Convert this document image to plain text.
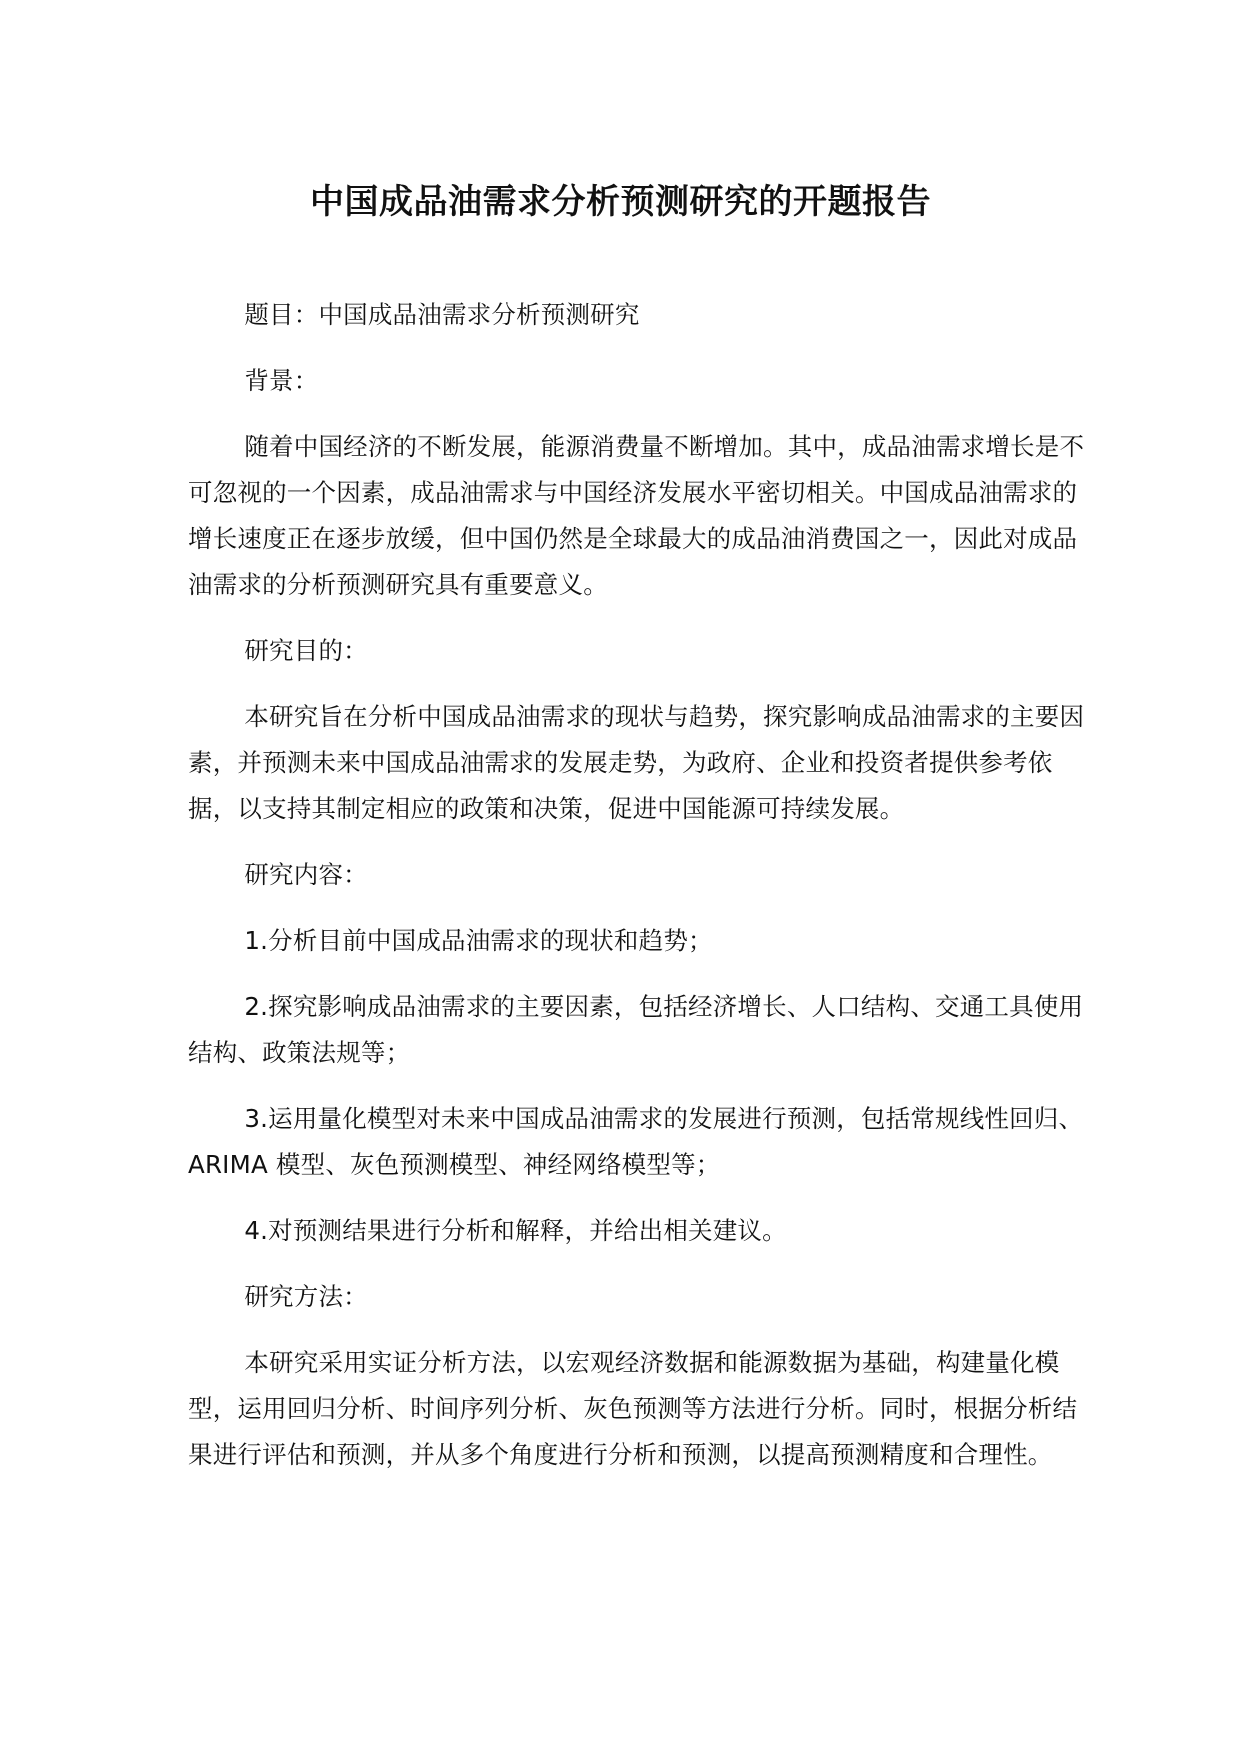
中国成品油需求分析预测研究的开题报告

题目：中国成品油需求分析预测研究

背景：

随着中国经济的不断发展，能源消费量不断增加。其中，成品油需求增长是不可忽视的一个因素，成品油需求与中国经济发展水平密切相关。中国成品油需求的增长速度正在逐步放缓，但中国仍然是全球最大的成品油消费国之一，因此对成品油需求的分析预测研究具有重要意义。

研究目的：

本研究旨在分析中国成品油需求的现状与趋势，探究影响成品油需求的主要因素，并预测未来中国成品油需求的发展走势，为政府、企业和投资者提供参考依据，以支持其制定相应的政策和决策，促进中国能源可持续发展。

研究内容：

1.分析目前中国成品油需求的现状和趋势；

2.探究影响成品油需求的主要因素，包括经济增长、人口结构、交通工具使用结构、政策法规等；

3.运用量化模型对未来中国成品油需求的发展进行预测，包括常规线性回归、ARIMA 模型、灰色预测模型、神经网络模型等；

4.对预测结果进行分析和解释，并给出相关建议。

研究方法：

本研究采用实证分析方法，以宏观经济数据和能源数据为基础，构建量化模型，运用回归分析、时间序列分析、灰色预测等方法进行分析。同时，根据分析结果进行评估和预测，并从多个角度进行分析和预测，以提高预测精度和合理性。
